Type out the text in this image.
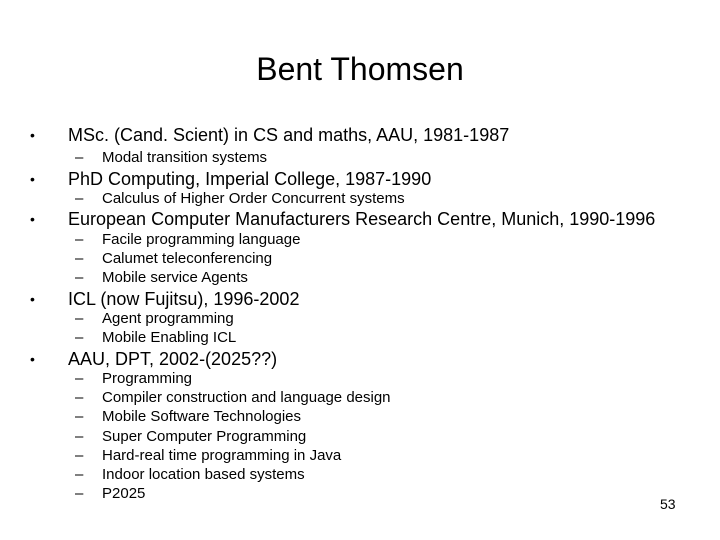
Bent Thomsen
•	MSc. (Cand. Scient) in CS and maths, AAU, 1981-1987
–	Modal transition systems
•	PhD Computing, Imperial College, 1987-1990
–	Calculus of Higher Order Concurrent systems
•	European Computer Manufacturers Research Centre, Munich, 1990-1996
–	Facile programming language
–	Calumet teleconferencing
–	Mobile service Agents
•	ICL (now Fujitsu), 1996-2002
–	Agent programming
–	Mobile Enabling ICL
•	AAU, DPT, 2002-(2025??)
–	Programming
–	Compiler construction and language design
–	Mobile Software Technologies
–	Super Computer Programming
–	Hard-real time programming in Java
–	Indoor location based systems
–	P2025
53
